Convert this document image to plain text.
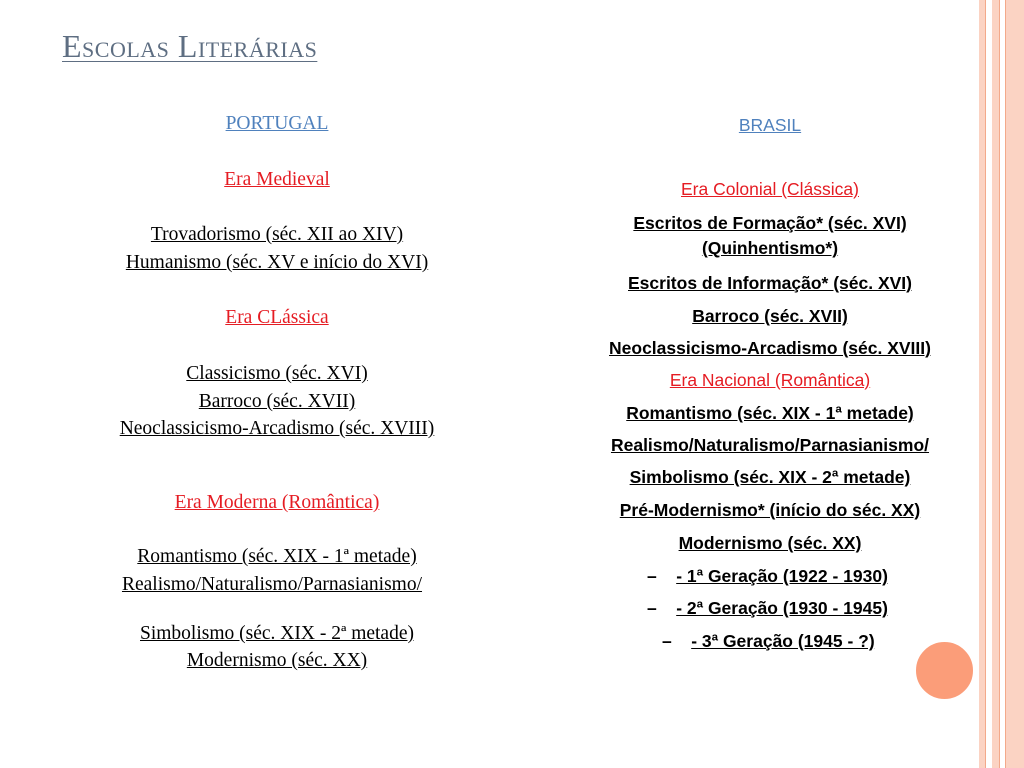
Escolas Literárias
PORTUGAL
Era Medieval
Trovadorismo (séc. XII ao XIV)
Humanismo (séc. XV e início do XVI)
Era CLássica
Classicismo (séc. XVI)
Barroco (séc. XVII)
Neoclassicismo-Arcadismo (séc. XVIII)
Era Moderna (Romântica)
Romantismo (séc. XIX - 1ª metade)
Realismo/Naturalismo/Parnasianismo/
Simbolismo (séc. XIX - 2ª metade)
Modernismo (séc. XX)
BRASIL
Era Colonial (Clássica)
Escritos de Formação* (séc. XVI) (Quinhentismo*)
Escritos de Informação* (séc. XVI)
Barroco (séc. XVII)
Neoclassicismo-Arcadismo (séc. XVIII)
Era Nacional (Romântica)
Romantismo (séc. XIX - 1ª metade)
Realismo/Naturalismo/Parnasianismo/
Simbolismo (séc. XIX - 2ª metade)
Pré-Modernismo* (início do séc. XX)
Modernismo (séc. XX)
– - 1ª Geração (1922 - 1930)
– - 2ª Geração (1930 - 1945)
– - 3ª Geração (1945 - ?)
